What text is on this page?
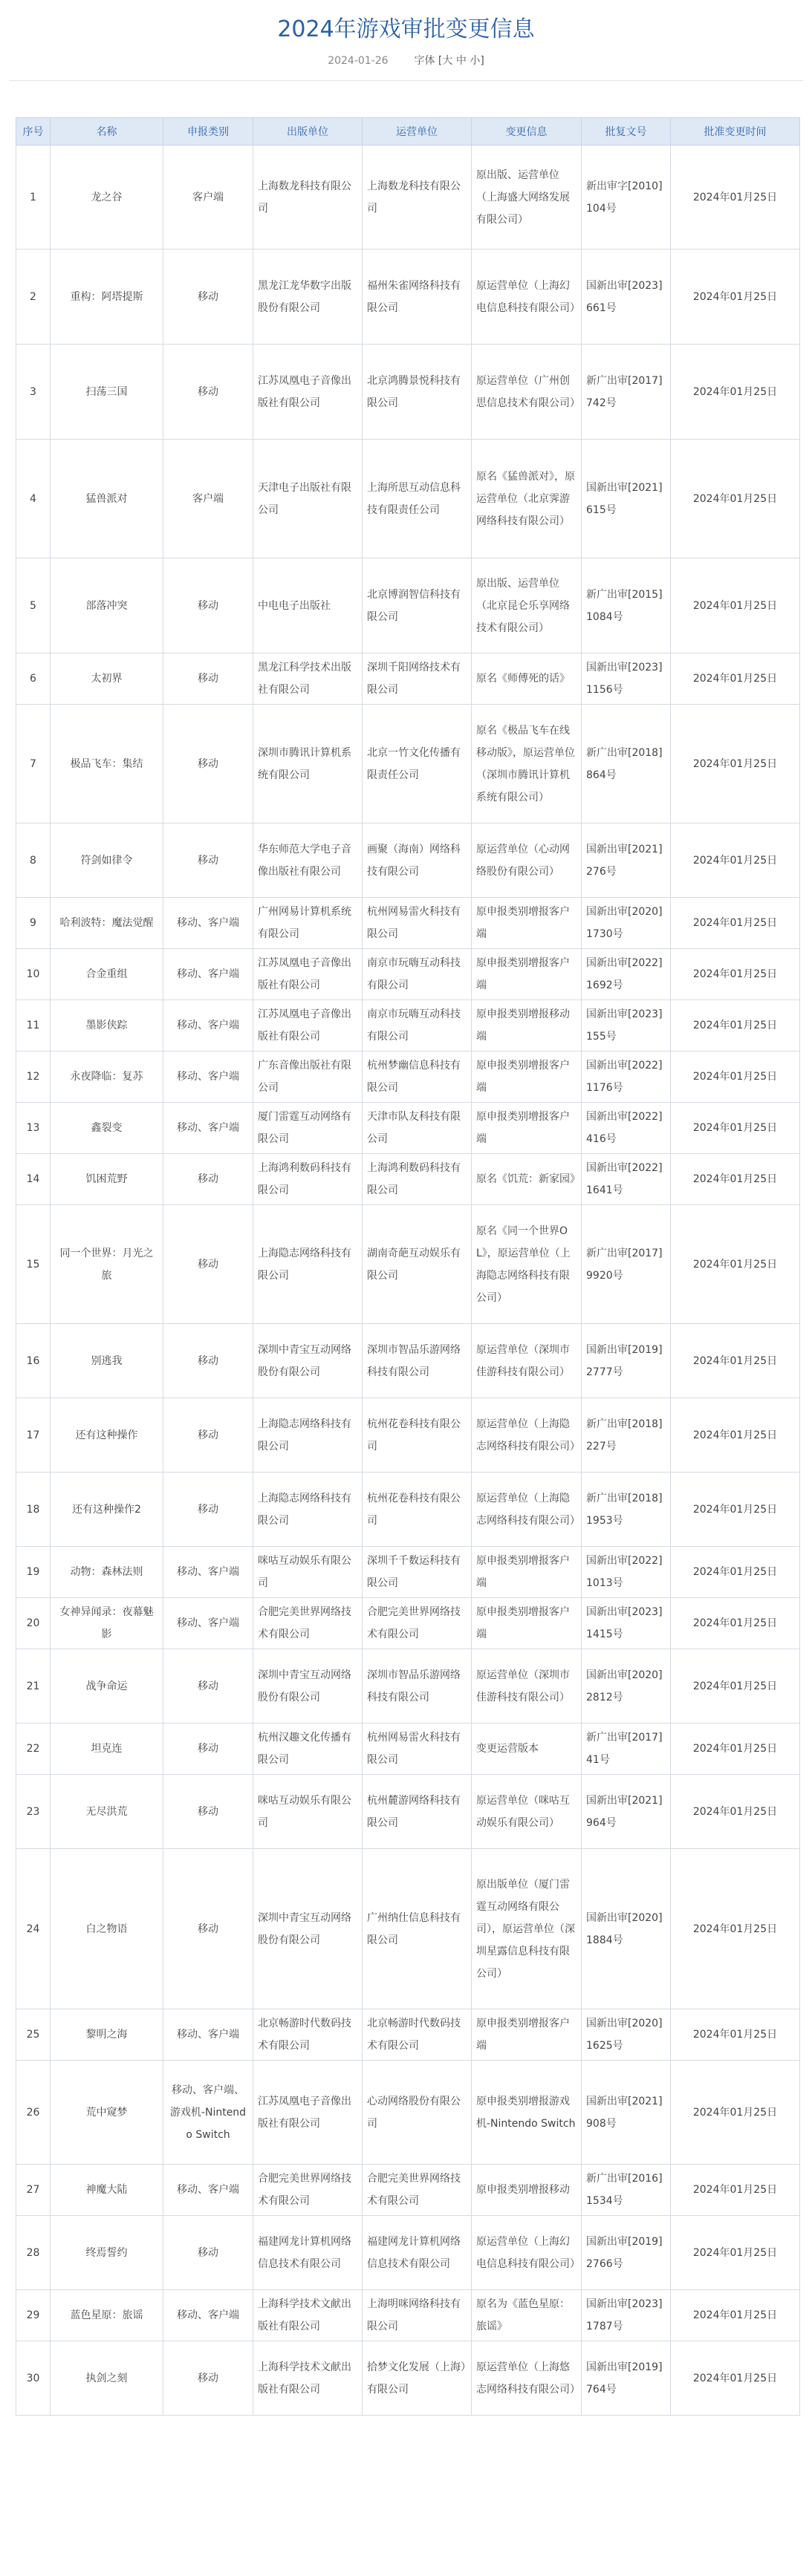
2024年游戏审批变更信息
2024-01-26 字体 [大 中 小]
序号	名称	申报类别	出版单位	运营单位	变更信息	批复文号	批准变更时间
1	龙之谷	客户端	上海数龙科技有限公司	上海数龙科技有限公司	原出版、运营单位（上海盛大网络发展有限公司）	新出审字[2010]104号	2024年01月25日
2	重构：阿塔提斯	移动	黑龙江龙华数字出版股份有限公司	福州朱雀网络科技有限公司	原运营单位（上海幻电信息科技有限公司）	国新出审[2023]661号	2024年01月25日
3	扫荡三国	移动	江苏凤凰电子音像出版社有限公司	北京鸿腾景悦科技有限公司	原运营单位（广州创思信息技术有限公司）	新广出审[2017]742号	2024年01月25日
4	猛兽派对	客户端	天津电子出版社有限公司	上海所思互动信息科技有限责任公司	原名《猛兽派对》，原运营单位（北京霁游网络科技有限公司）	国新出审[2021]615号	2024年01月25日
5	部落冲突	移动	中电电子出版社	北京博润智信科技有限公司	原出版、运营单位（北京昆仑乐享网络技术有限公司）	新广出审[2015]1084号	2024年01月25日
6	太初界	移动	黑龙江科学技术出版社有限公司	深圳千阳网络技术有限公司	原名《师傅死的话》	国新出审[2023]1156号	2024年01月25日
7	极品飞车：集结	移动	深圳市腾讯计算机系统有限公司	北京一竹文化传播有限责任公司	原名《极品飞车在线移动版》，原运营单位（深圳市腾讯计算机系统有限公司）	新广出审[2018]864号	2024年01月25日
8	符剑如律令	移动	华东师范大学电子音像出版社有限公司	画聚（海南）网络科技有限公司	原运营单位（心动网络股份有限公司）	国新出审[2021]276号	2024年01月25日
9	哈利波特：魔法觉醒	移动、客户端	广州网易计算机系统有限公司	杭州网易雷火科技有限公司	原申报类别增报客户端	国新出审[2020]1730号	2024年01月25日
10	合金重组	移动、客户端	江苏凤凰电子音像出版社有限公司	南京市玩嗨互动科技有限公司	原申报类别增报客户端	国新出审[2022]1692号	2024年01月25日
11	墨影侠踪	移动、客户端	江苏凤凰电子音像出版社有限公司	南京市玩嗨互动科技有限公司	原申报类别增报移动端	国新出审[2023]155号	2024年01月25日
12	永夜降临：复苏	移动、客户端	广东音像出版社有限公司	杭州梦幽信息科技有限公司	原申报类别增报客户端	国新出审[2022]1176号	2024年01月25日
13	鑫裂变	移动、客户端	厦门雷霆互动网络有限公司	天津市队友科技有限公司	原申报类别增报客户端	国新出审[2022]416号	2024年01月25日
14	饥困荒野	移动	上海鸿利数码科技有限公司	上海鸿利数码科技有限公司	原名《饥荒：新家园》	国新出审[2022]1641号	2024年01月25日
15	同一个世界：月光之旅	移动	上海隐志网络科技有限公司	湖南奇葩互动娱乐有限公司	原名《同一个世界OL》，原运营单位（上海隐志网络科技有限公司）	新广出审[2017]9920号	2024年01月25日
16	别逃我	移动	深圳中青宝互动网络股份有限公司	深圳市智品乐游网络科技有限公司	原运营单位（深圳市佳游科技有限公司）	国新出审[2019]2777号	2024年01月25日
17	还有这种操作	移动	上海隐志网络科技有限公司	杭州花卷科技有限公司	原运营单位（上海隐志网络科技有限公司）	新广出审[2018]227号	2024年01月25日
18	还有这种操作2	移动	上海隐志网络科技有限公司	杭州花卷科技有限公司	原运营单位（上海隐志网络科技有限公司）	新广出审[2018]1953号	2024年01月25日
19	动物：森林法则	移动、客户端	咪咕互动娱乐有限公司	深圳千千数运科技有限公司	原申报类别增报客户端	国新出审[2022]1013号	2024年01月25日
20	女神异闻录：夜幕魅影	移动、客户端	合肥完美世界网络技术有限公司	合肥完美世界网络技术有限公司	原申报类别增报客户端	国新出审[2023]1415号	2024年01月25日
21	战争命运	移动	深圳中青宝互动网络股份有限公司	深圳市智品乐游网络科技有限公司	原运营单位（深圳市佳游科技有限公司）	国新出审[2020]2812号	2024年01月25日
22	坦克连	移动	杭州汉趣文化传播有限公司	杭州网易雷火科技有限公司	变更运营版本	新广出审[2017]41号	2024年01月25日
23	无尽洪荒	移动	咪咕互动娱乐有限公司	杭州麓游网络科技有限公司	原运营单位（咪咕互动娱乐有限公司）	国新出审[2021]964号	2024年01月25日
24	白之物语	移动	深圳中青宝互动网络股份有限公司	广州纳仕信息科技有限公司	原出版单位（厦门雷霆互动网络有限公司），原运营单位（深圳星露信息科技有限公司）	国新出审[2020]1884号	2024年01月25日
25	黎明之海	移动、客户端	北京畅游时代数码技术有限公司	北京畅游时代数码技术有限公司	原申报类别增报客户端	国新出审[2020]1625号	2024年01月25日
26	荒中窥梦	移动、客户端、游戏机-Nintendo Switch	江苏凤凰电子音像出版社有限公司	心动网络股份有限公司	原申报类别增报游戏机-Nintendo Switch	国新出审[2021]908号	2024年01月25日
27	神魔大陆	移动、客户端	合肥完美世界网络技术有限公司	合肥完美世界网络技术有限公司	原申报类别增报移动	新广出审[2016]1534号	2024年01月25日
28	终焉誓约	移动	福建网龙计算机网络信息技术有限公司	福建网龙计算机网络信息技术有限公司	原运营单位（上海幻电信息科技有限公司）	国新出审[2019]2766号	2024年01月25日
29	蓝色星原：旅谣	移动、客户端	上海科学技术文献出版社有限公司	上海明咪网络科技有限公司	原名为《蓝色星原：旅谣》	国新出审[2023]1787号	2024年01月25日
30	执剑之刻	移动	上海科学技术文献出版社有限公司	拾梦文化发展（上海）有限公司	原运营单位（上海悠志网络科技有限公司）	国新出审[2019]764号	2024年01月25日
